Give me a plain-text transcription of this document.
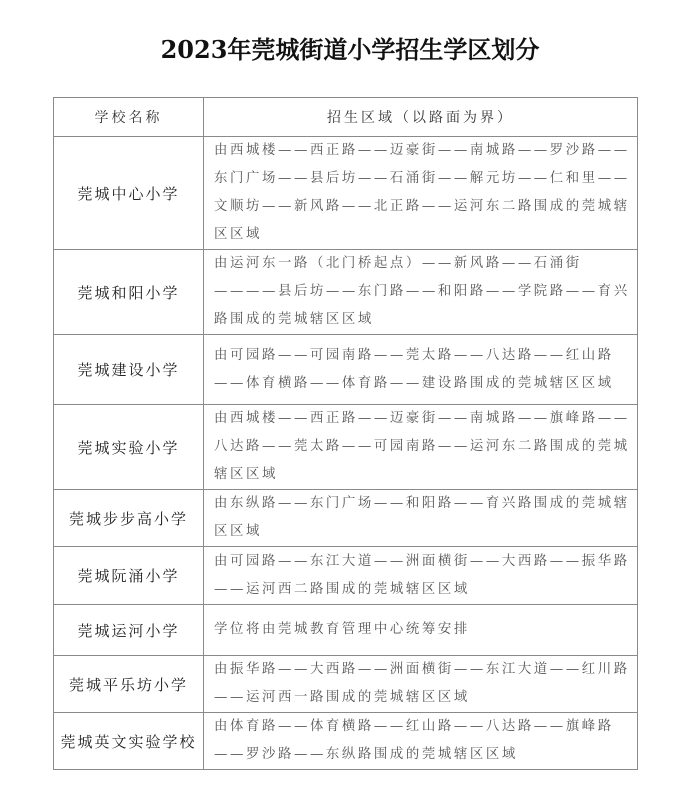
2023年莞城街道小学招生学区划分
学校名称	招生区域（以路面为界）
莞城中心小学	由西城楼——西正路——迈豪街——南城路——罗沙路——东门广场——县后坊——石涌街——解元坊——仁和里——文顺坊——新风路——北正路——运河东二路围成的莞城辖区区域
莞城和阳小学	由运河东一路（北门桥起点）——新风路——石涌街————县后坊——东门路——和阳路——学院路——育兴路围成的莞城辖区区域
莞城建设小学	由可园路——可园南路——莞太路——八达路——红山路——体育横路——体育路——建设路围成的莞城辖区区域
莞城实验小学	由西城楼——西正路——迈豪街——南城路——旗峰路——八达路——莞太路——可园南路——运河东二路围成的莞城辖区区域
莞城步步高小学	由东纵路——东门广场——和阳路——育兴路围成的莞城辖区区域
莞城阮涌小学	由可园路——东江大道——洲面横街——大西路——振华路——运河西二路围成的莞城辖区区域
莞城运河小学	学位将由莞城教育管理中心统筹安排
莞城平乐坊小学	由振华路——大西路——洲面横街——东江大道——红川路——运河西一路围成的莞城辖区区域
莞城英文实验学校	由体育路——体育横路——红山路——八达路——旗峰路——罗沙路——东纵路围成的莞城辖区区域
